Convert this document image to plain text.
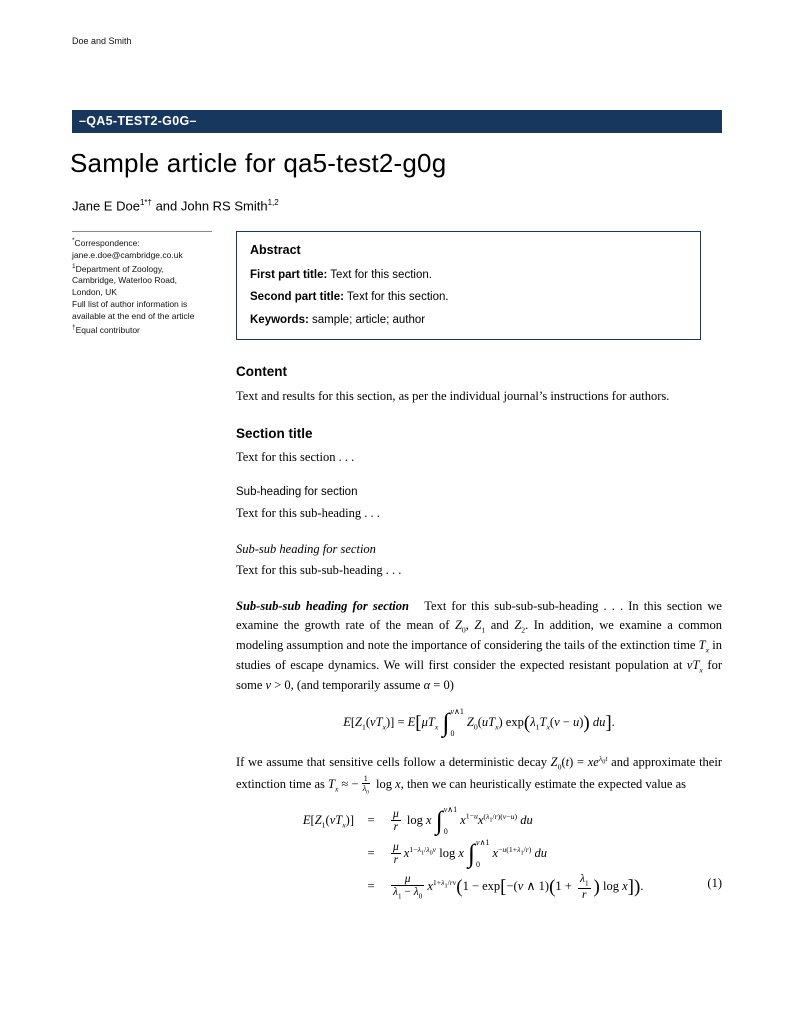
Doe and Smith
–QA5-TEST2-G0G–
Sample article for qa5-test2-g0g
Jane E Doe$^{1*\dagger}$ and John RS Smith$^{1,2}$
*Correspondence:
jane.e.doe@cambridge.co.uk
$^1$Department of Zoology,
Cambridge, Waterloo Road,
London, UK
Full list of author information is
available at the end of the article
†Equal contributor
Abstract

First part title: Text for this section.

Second part title: Text for this section.

Keywords: sample; article; author

Content

Text and results for this section, as per the individual journal’s instructions for authors.

Section title

Text for this section . . .

Sub-heading for section

Text for this sub-heading . . .

Sub-sub heading for section

Text for this sub-sub-heading . . .

Sub-sub-sub heading for section   Text for this sub-sub-sub-heading . . . In this section we examine the growth rate of the mean of $Z_0$, $Z_1$ and $Z_2$. In addition, we examine a common modeling assumption and note the importance of considering the tails of the extinction time $T_x$ in studies of escape dynamics. We will first consider the expected resistant population at $vT_x$ for some v > 0, (and temporarily assume α = 0)

$E[Z_1(vT_x)] = E[\mu T_x$ ∫ v∧1
0
$Z_0(uT_x) \exp(\lambda_1T_x(v - u))$ du].

If we assume that sensitive cells follow a deterministic decay $Z_0(t) = xe^{\lambda_0t}$ and approximate their extinction time as $T_x$ ≈ − $\frac{1}{\lambda_0}$ log x, then we can heuristically estimate the expected value as

$E[Z_1(vT_x)]$	=	$\frac{\mu}{r}$ log x ∫ v∧1
0
$x^{1-u}x^{(\lambda_1/r)(v-u)}$ du
=	$\frac{\mu}{r} x^{1-\lambda_1/\lambda_0v}$ log x ∫ v∧1
0
$x^{-u(1+\lambda_1/r)}$ du
=	$\frac{\mu}{\lambda_1 - \lambda_0} x^{1+\lambda_1/rv}(1 - \exp[-(v$ ∧ $1)(1 + \frac{\lambda_1}{r}$ ) log x]).	(1)
